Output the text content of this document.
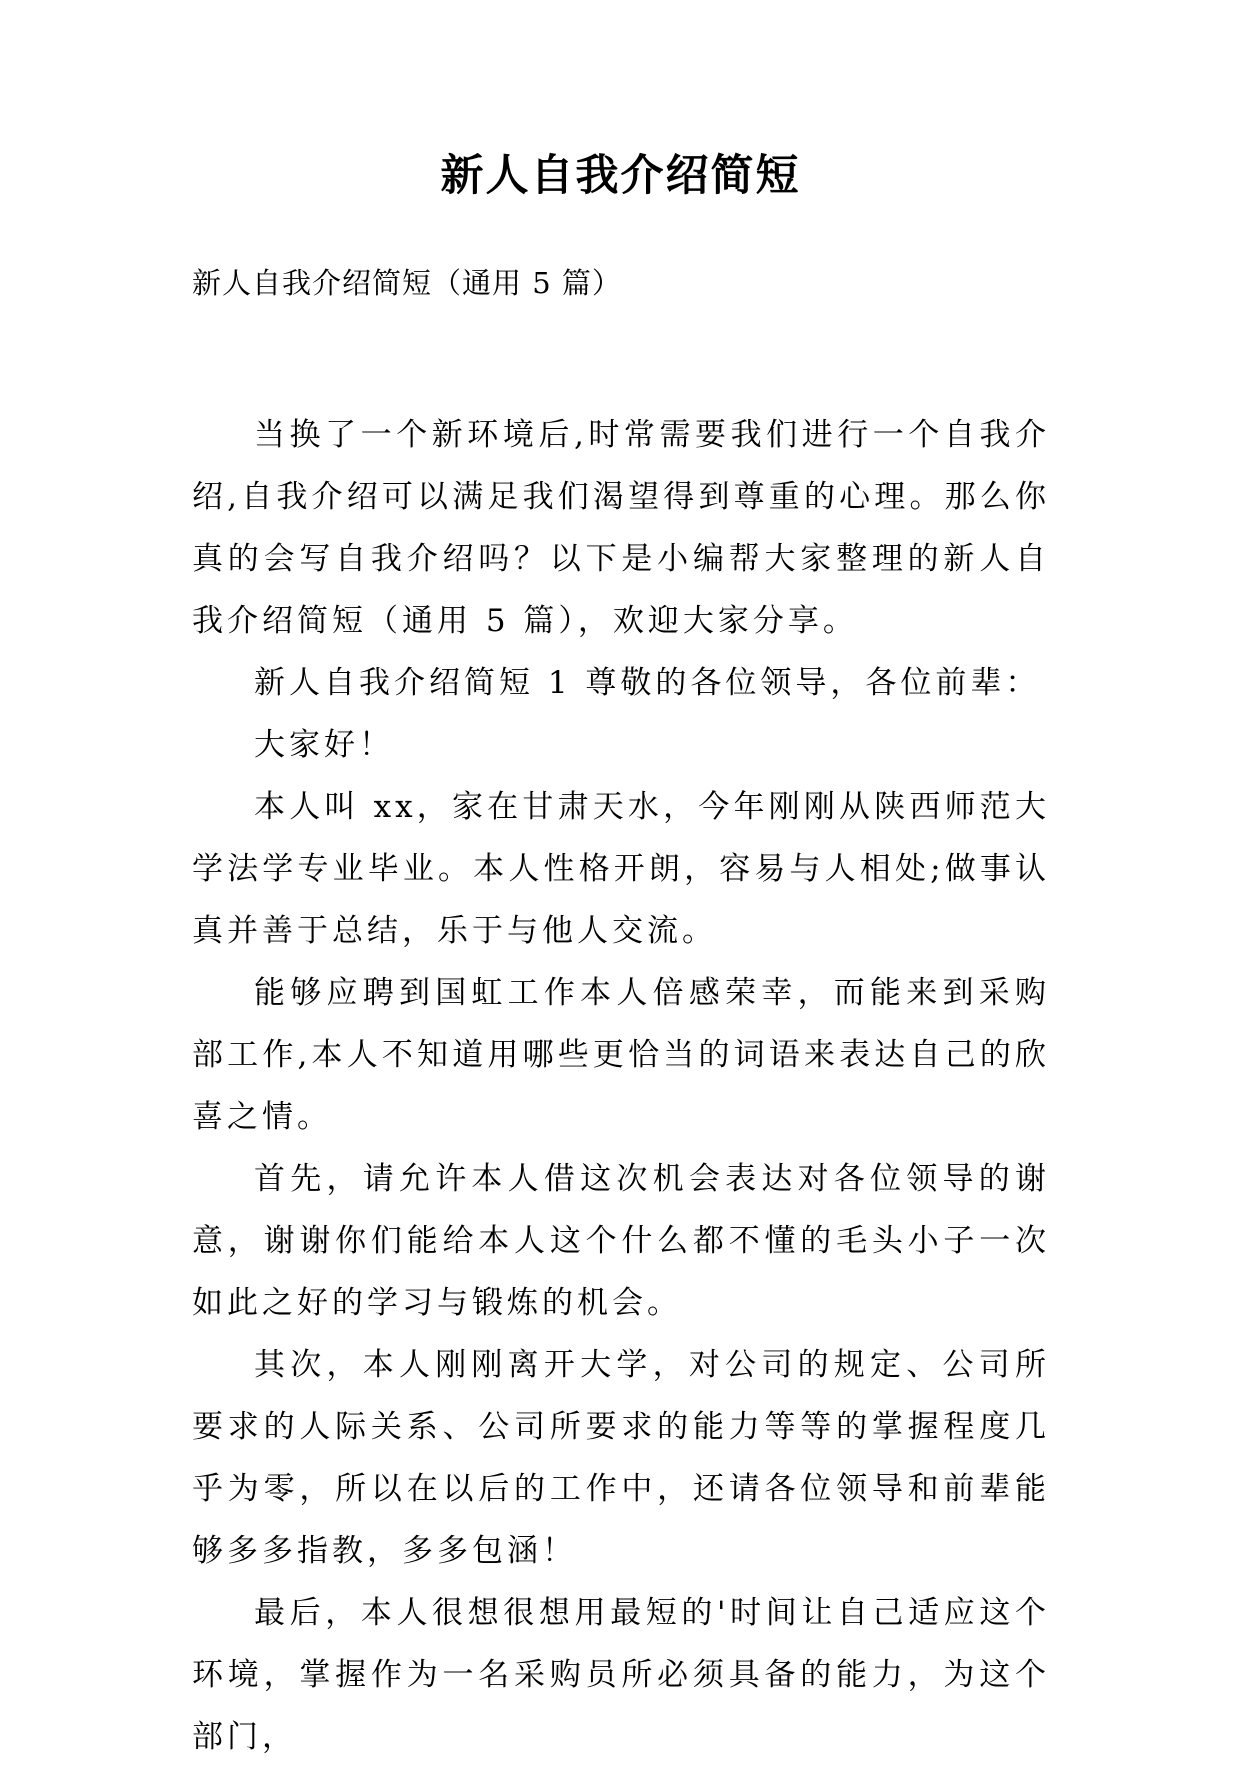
新人自我介绍简短
新人自我介绍简短（通用 5 篇）

当换了一个新环境后,时常需要我们进行一个自我介绍,自我介绍可以满足我们渴望得到尊重的心理。那么你真的会写自我介绍吗？以下是小编帮大家整理的新人自我介绍简短（通用 5 篇），欢迎大家分享。

新人自我介绍简短 1 尊敬的各位领导，各位前辈：

大家好！

本人叫 xx，家在甘肃天水，今年刚刚从陕西师范大学法学专业毕业。本人性格开朗，容易与人相处;做事认真并善于总结，乐于与他人交流。

能够应聘到国虹工作本人倍感荣幸，而能来到采购部工作,本人不知道用哪些更恰当的词语来表达自己的欣喜之情。

首先，请允许本人借这次机会表达对各位领导的谢意，谢谢你们能给本人这个什么都不懂的毛头小子一次如此之好的学习与锻炼的机会。

其次，本人刚刚离开大学，对公司的规定、公司所要求的人际关系、公司所要求的能力等等的掌握程度几乎为零，所以在以后的工作中，还请各位领导和前辈能够多多指教，多多包涵！

最后，本人很想很想用最短的'时间让自己适应这个环境，掌握作为一名采购员所必须具备的能力，为这个部门，
